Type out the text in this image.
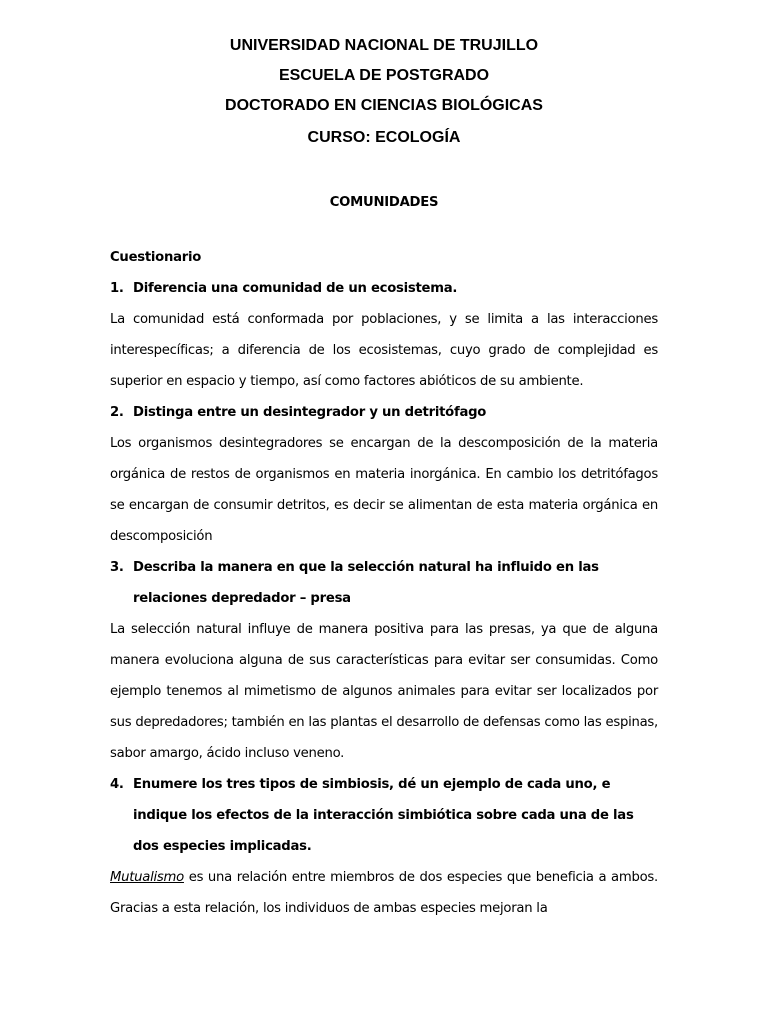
UNIVERSIDAD NACIONAL DE TRUJILLO
ESCUELA DE POSTGRADO
DOCTORADO EN CIENCIAS BIOLÓGICAS
CURSO: ECOLOGÍA

COMUNIDADES

Cuestionario

1. Diferencia una comunidad de un ecosistema.

La comunidad está conformada por poblaciones, y se limita a las interacciones interespecíficas; a diferencia de los ecosistemas, cuyo grado de complejidad es superior en espacio y tiempo, así como factores abióticos de su ambiente.

2. Distinga entre un desintegrador y un detritófago

Los organismos desintegradores se encargan de la descomposición de la materia orgánica de restos de organismos en materia inorgánica. En cambio los detritófagos se encargan de consumir detritos, es decir se alimentan de esta materia orgánica en descomposición

3. Describa la manera en que la selección natural ha influido en las relaciones depredador – presa

La selección natural influye de manera positiva para las presas, ya que de alguna manera evoluciona alguna de sus características para evitar ser consumidas. Como ejemplo tenemos al mimetismo de algunos animales para evitar ser localizados por sus depredadores; también en las plantas el desarrollo de defensas como las espinas, sabor amargo, ácido incluso veneno.

4. Enumere los tres tipos de simbiosis, dé un ejemplo de cada uno, e indique los efectos de la interacción simbiótica sobre cada una de las dos especies implicadas.

Mutualismo es una relación entre miembros de dos especies que beneficia a ambos. Gracias a esta relación, los individuos de ambas especies mejoran la
